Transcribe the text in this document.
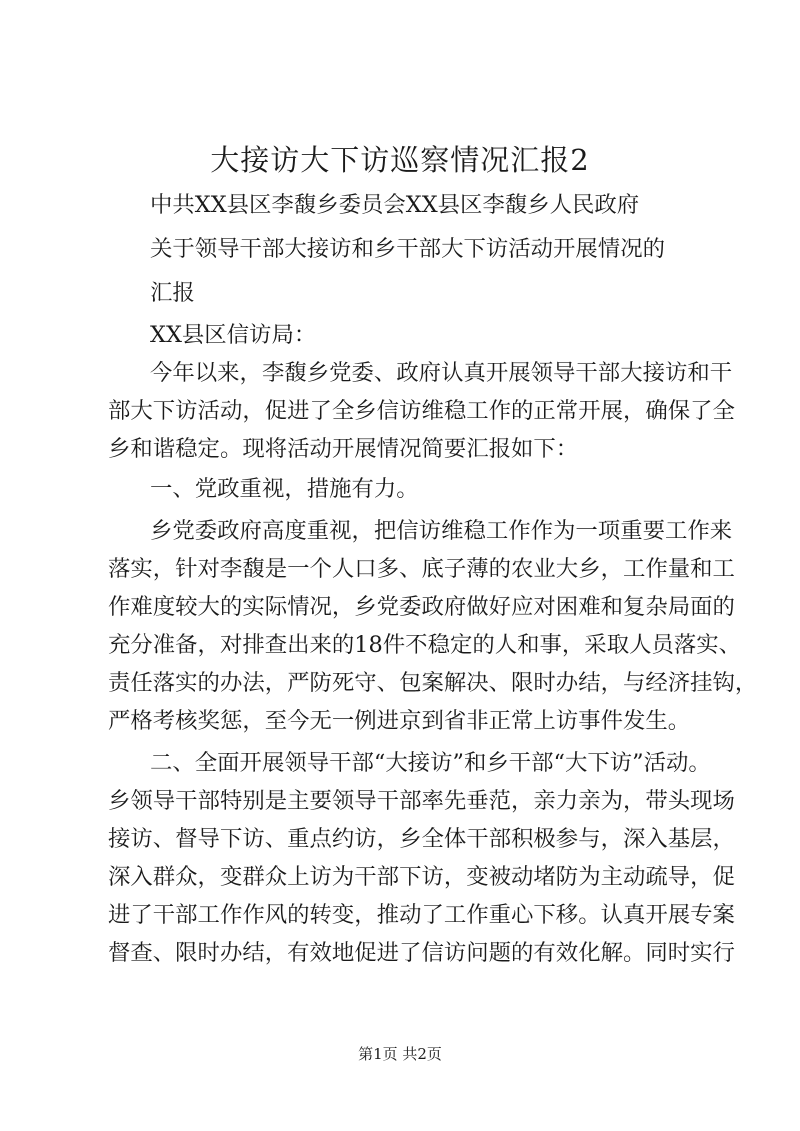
大接访大下访巡察情况汇报2
中共XX县区李馥乡委员会XX县区李馥乡人民政府
关于领导干部大接访和乡干部大下访活动开展情况的
汇报
XX县区信访局：
今年以来，李馥乡党委、政府认真开展领导干部大接访和干
部大下访活动，促进了全乡信访维稳工作的正常开展，确保了全
乡和谐稳定。现将活动开展情况简要汇报如下：
一、党政重视，措施有力。
乡党委政府高度重视，把信访维稳工作作为一项重要工作来
落实，针对李馥是一个人口多、底子薄的农业大乡，工作量和工
作难度较大的实际情况，乡党委政府做好应对困难和复杂局面的
充分准备，对排查出来的18件不稳定的人和事，采取人员落实、
责任落实的办法，严防死守、包案解决、限时办结，与经济挂钩，
严格考核奖惩，至今无一例进京到省非正常上访事件发生。
二、全面开展领导干部“大接访”和乡干部“大下访”活动。
乡领导干部特别是主要领导干部率先垂范，亲力亲为，带头现场
接访、督导下访、重点约访，乡全体干部积极参与，深入基层，
深入群众，变群众上访为干部下访，变被动堵防为主动疏导，促
进了干部工作作风的转变，推动了工作重心下移。认真开展专案
督查、限时办结，有效地促进了信访问题的有效化解。同时实行
第1页 共2页
